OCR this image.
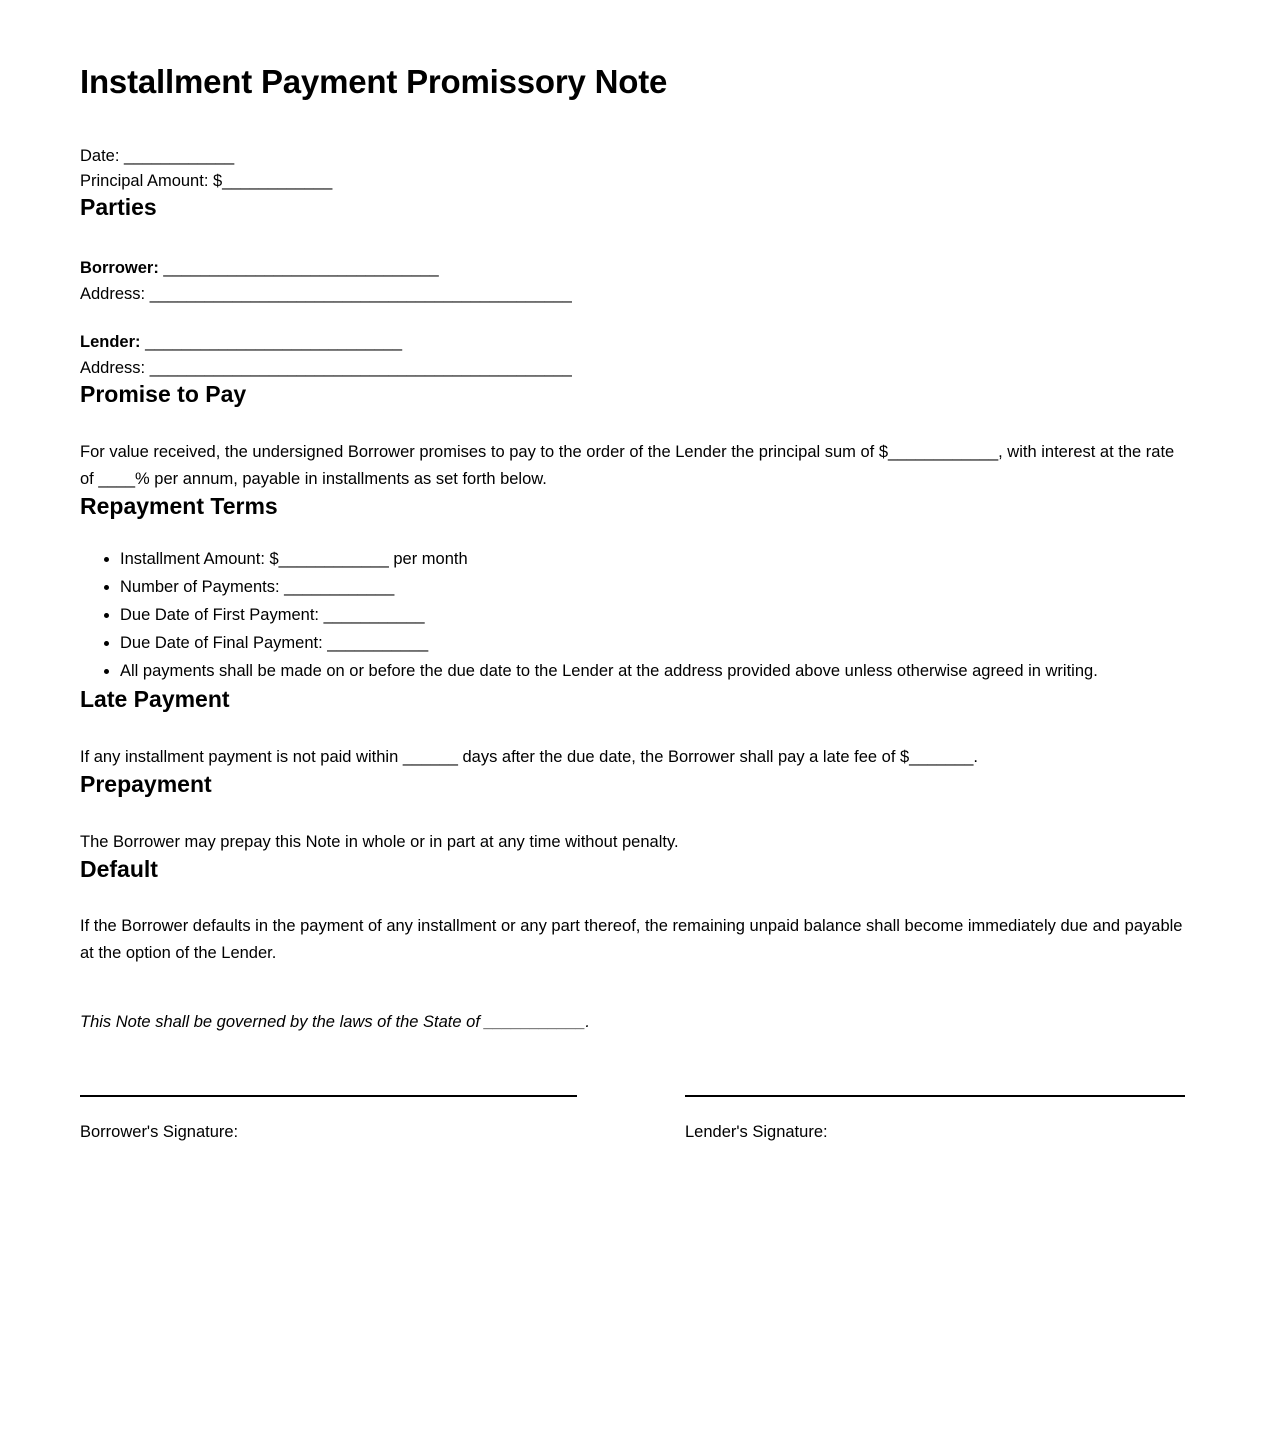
Installment Payment Promissory Note
Date: ____________
Principal Amount: $____________
Parties
Borrower: ______________________________
Address: ______________________________________________
Lender: ____________________________
Address: ______________________________________________
Promise to Pay
For value received, the undersigned Borrower promises to pay to the order of the Lender the principal sum of $____________, with interest at the rate of ____% per annum, payable in installments as set forth below.
Repayment Terms
• Installment Amount: $____________ per month
• Number of Payments: ____________
• Due Date of First Payment: ___________
• Due Date of Final Payment: ___________
• All payments shall be made on or before the due date to the Lender at the address provided above unless otherwise agreed in writing.
Late Payment
If any installment payment is not paid within ______ days after the due date, the Borrower shall pay a late fee of $_______.
Prepayment
The Borrower may prepay this Note in whole or in part at any time without penalty.
Default
If the Borrower defaults in the payment of any installment or any part thereof, the remaining unpaid balance shall become immediately due and payable at the option of the Lender.
This Note shall be governed by the laws of the State of ___________.
Borrower's Signature:	Lender's Signature:
